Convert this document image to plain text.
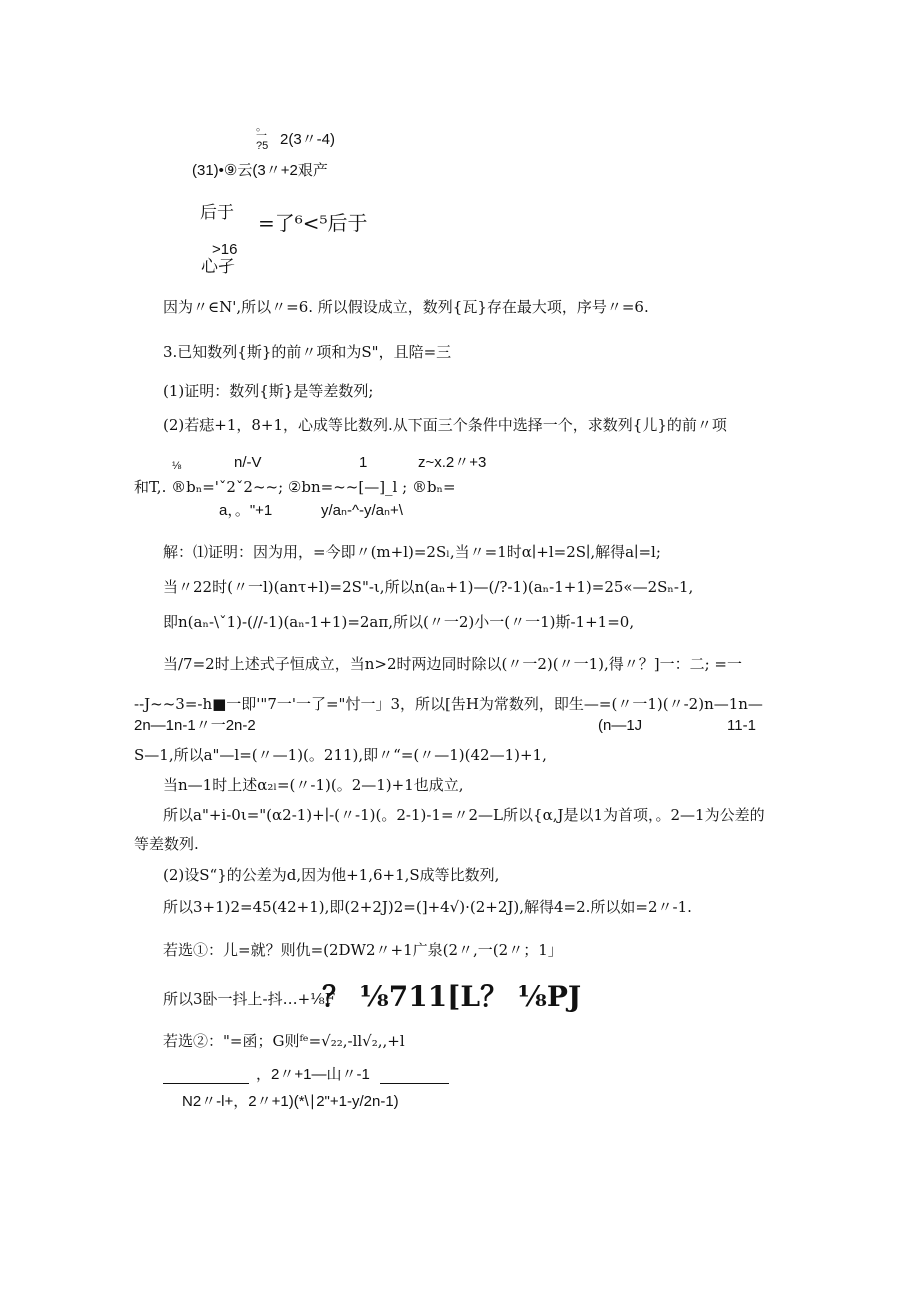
。
一
?5 2(3〃-4)
(31)•⑨云(3〃+2艰产
后于 =了⁶<⁵后于
>16
心孑
因为〃∈N',所以〃=6. 所以假设成立，数列{瓦}存在最大项，序号〃=6.
3.已知数列{斯}的前〃项和为S"，且陪=三
(1)证明：数列{斯}是等差数列;
(2)若痣+1，8+1，心成等比数列.从下面三个条件中选择一个，求数列{儿}的前〃项
⅛	n/-V	1	z~x.2〃+3
和T,. ®bₙ='ˇ2ˇ2~~; ②bn=~~[—]_l ; ®bₙ=
a，。"+1	y/aₙ-^-y/aₙ+\
解：⑴证明：因为用，=今即〃(m+l)=2Sₗ,当〃=1时α∣+l=2S∣,解得a∣=l;
当〃22时(〃一l)(anτ+l)=2S"-ι,所以n(aₙ+1)—(/?-1)(aₙ-1+1)=25«—2Sₙ-1,
即n(aₙ-\ˇ1)-(//-1)(aₙ-1+1)=2aπ,所以(〃一2)小一(〃一1)斯-1+1=0,
当/7=2时上述式子恒成立，当n>2时两边同时除以(〃一2)(〃一1),得〃？]一：二; =一
--J~~3=-h■一即'"7一'一了="忖一」3，所以[吿H为常数列，即生—=(〃一1)(〃-2)n—1n—
2n—1n-1〃一2n-2	(n—1J	11-1
S—1,所以a"—l=(〃—1)(。211),即〃“=(〃—1)(42—1)+1,
当n—1时上述α₂ₗ=(〃-1)(。2—1)+1也成立,
所以a"+i-0ι="(α2-1)+∣-(〃-1)(。2-1)-1=〃2—L所以{α,J是以1为首项，。2—1为公差的
等差数列.
(2)设S“}的公差为d,因为他+1,6+1,S成等比数列,
所以3+1)2=45(42+1),即(2+2J)2=(]+4√)·(2+2J),解得4=2.所以如=2〃-1.
若选①：儿=就？则仇=(2DW2〃+1广泉(2〃,一(2〃；1」
所以3卧一抖上-抖…+⅛F
？ ⅛711[L？ ⅛PJ
若选②："=函；G则ᶠᵉ=√₂₂,-ll√₂,,+l
，2〃+1—山〃-1
N2〃-l+，2〃+1)(*\∣2"+1-y/2n-1)
